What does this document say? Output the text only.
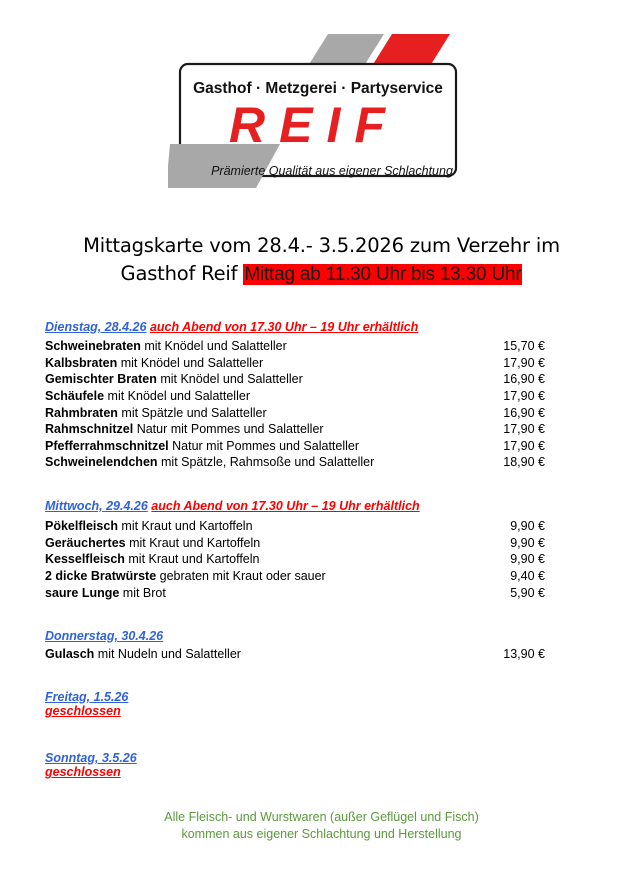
Gasthof · Metzgerei · Partyservice
REIF
Prämierte Qualität aus eigener Schlachtung
Mittagskarte vom 28.4.- 3.5.2026 zum Verzehr im
Gasthof Reif Mittag ab 11.30 Uhr bis 13.30 Uhr
Dienstag, 28.4.26 auch Abend von 17.30 Uhr – 19 Uhr erhältlich
Schweinebraten mit Knödel und Salatteller	15,70 €
Kalbsbraten mit Knödel und Salatteller	17,90 €
Gemischter Braten mit Knödel und Salatteller	16,90 €
Schäufele mit Knödel und Salatteller	17,90 €
Rahmbraten mit Spätzle und Salatteller	16,90 €
Rahmschnitzel Natur mit Pommes und Salatteller	17,90 €
Pfefferrahmschnitzel Natur mit Pommes und Salatteller	17,90 €
Schweinelendchen mit Spätzle, Rahmsoße und Salatteller	18,90 €
Mittwoch, 29.4.26 auch Abend von 17.30 Uhr – 19 Uhr erhältlich
Pökelfleisch mit Kraut und Kartoffeln	9,90 €
Geräuchertes mit Kraut und Kartoffeln	9,90 €
Kesselfleisch mit Kraut und Kartoffeln	9,90 €
2 dicke Bratwürste gebraten mit Kraut oder sauer	9,40 €
saure Lunge mit Brot	5,90 €
Donnerstag, 30.4.26
Gulasch mit Nudeln und Salatteller	13,90 €
Freitag, 1.5.26
geschlossen
Sonntag, 3.5.26
geschlossen
Alle Fleisch- und Wurstwaren (außer Geflügel und Fisch)
kommen aus eigener Schlachtung und Herstellung
